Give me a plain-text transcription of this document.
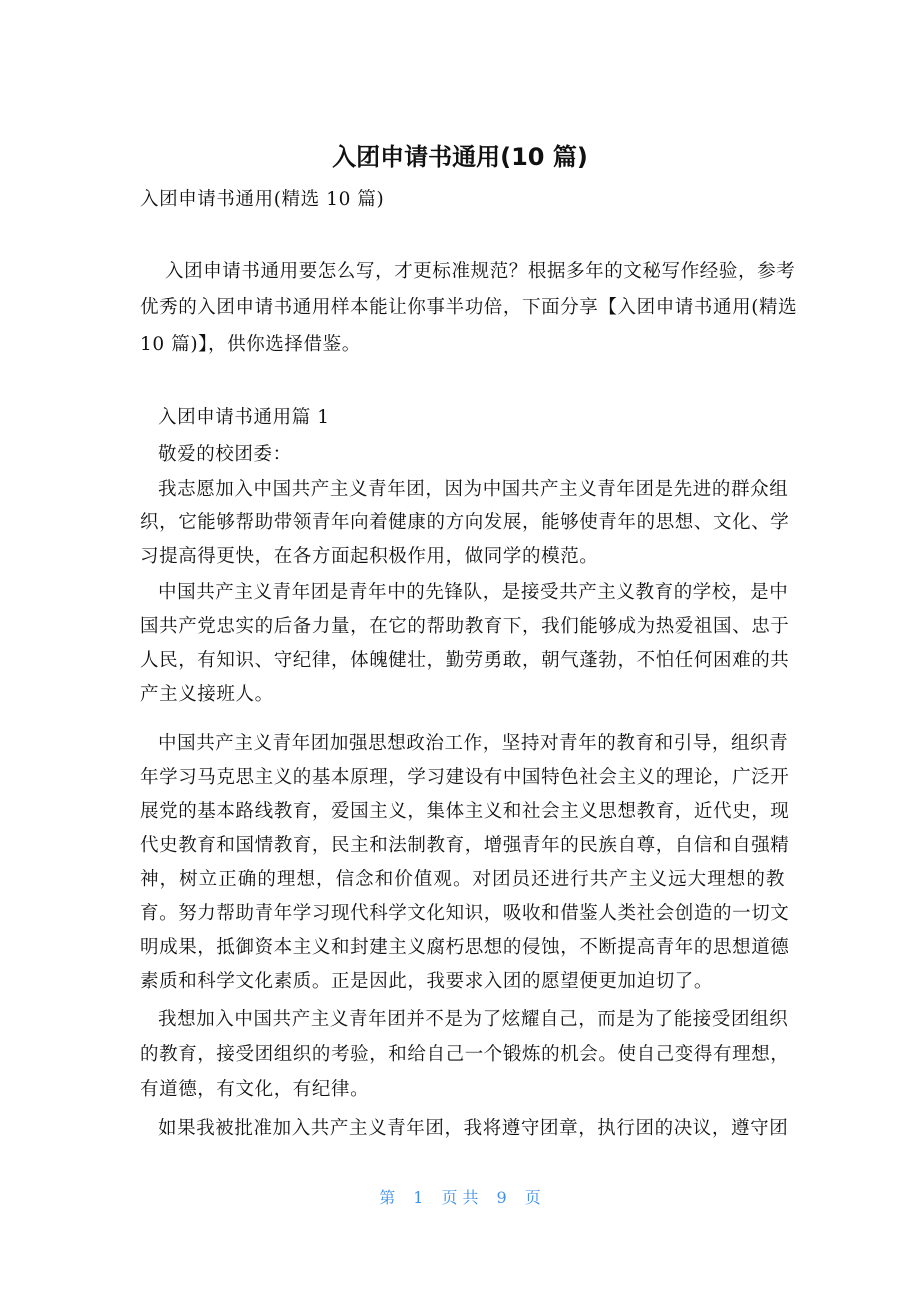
入团申请书通用(10 篇)
入团申请书通用(精选 10 篇)
入团申请书通用要怎么写，才更标准规范？根据多年的文秘写作经验，参考
优秀的入团申请书通用样本能让你事半功倍，下面分享【入团申请书通用(精选
10 篇)】，供你选择借鉴。
入团申请书通用篇 1
敬爱的校团委：
我志愿加入中国共产主义青年团，因为中国共产主义青年团是先进的群众组
织，它能够帮助带领青年向着健康的方向发展，能够使青年的思想、文化、学
习提高得更快，在各方面起积极作用，做同学的模范。
中国共产主义青年团是青年中的先锋队，是接受共产主义教育的学校，是中
国共产党忠实的后备力量，在它的帮助教育下，我们能够成为热爱祖国、忠于
人民，有知识、守纪律，体魄健壮，勤劳勇敢，朝气蓬勃，不怕任何困难的共
产主义接班人。
中国共产主义青年团加强思想政治工作，坚持对青年的教育和引导，组织青
年学习马克思主义的基本原理，学习建设有中国特色社会主义的理论，广泛开
展党的基本路线教育，爱国主义，集体主义和社会主义思想教育，近代史，现
代史教育和国情教育，民主和法制教育，增强青年的民族自尊，自信和自强精
神，树立正确的理想，信念和价值观。对团员还进行共产主义远大理想的教
育。努力帮助青年学习现代科学文化知识，吸收和借鉴人类社会创造的一切文
明成果，抵御资本主义和封建主义腐朽思想的侵蚀，不断提高青年的思想道德
素质和科学文化素质。正是因此，我要求入团的愿望便更加迫切了。
我想加入中国共产主义青年团并不是为了炫耀自己，而是为了能接受团组织
的教育，接受团组织的考验，和给自己一个锻炼的机会。使自己变得有理想，
有道德，有文化，有纪律。
如果我被批准加入共产主义青年团，我将遵守团章，执行团的决议，遵守团
第 1 页 共 9 页
